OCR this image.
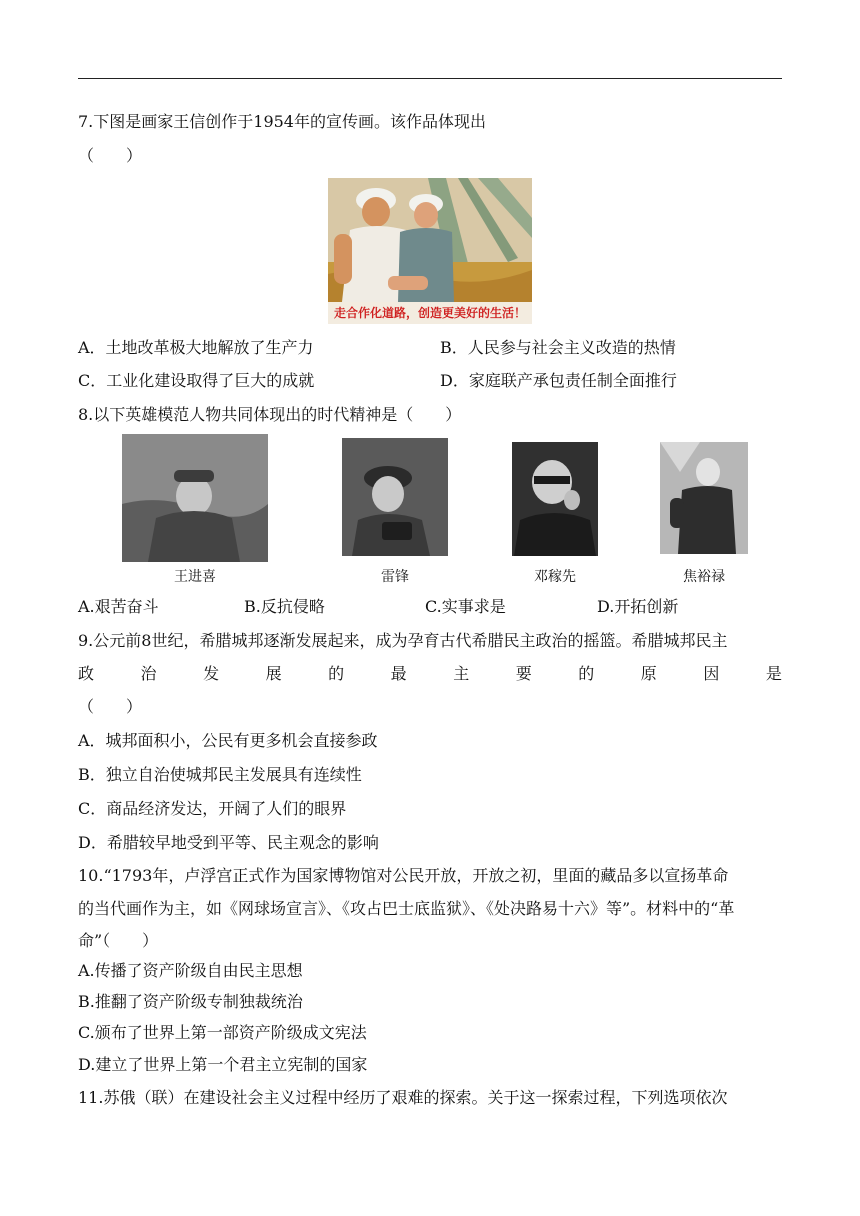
7.下图是画家王信创作于1954年的宣传画。该作品体现出
（　　）
走合作化道路，创造更美好的生活！
A．土地改革极大地解放了生产力	B．人民参与社会主义改造的热情
C．工业化建设取得了巨大的成就	D．家庭联产承包责任制全面推行
8.以下英雄模范人物共同体现出的时代精神是（　　）
王进喜	雷锋	邓稼先	焦裕禄
A.艰苦奋斗	B.反抗侵略	C.实事求是	D.开拓创新
9.公元前8世纪，希腊城邦逐渐发展起来，成为孕育古代希腊民主政治的摇篮。希腊城邦民主
政	治	发	展	的	最	主	要	的	原	因	是
（　　）
A．城邦面积小，公民有更多机会直接参政
B．独立自治使城邦民主发展具有连续性
C．商品经济发达，开阔了人们的眼界
D．希腊较早地受到平等、民主观念的影响
10.“1793年，卢浮宫正式作为国家博物馆对公民开放，开放之初，里面的藏品多以宣扬革命
的当代画作为主，如《网球场宣言》、《攻占巴士底监狱》、《处决路易十六》等”。材料中的“革
命”（　　）
A.传播了资产阶级自由民主思想
B.推翻了资产阶级专制独裁统治
C.颁布了世界上第一部资产阶级成文宪法
D.建立了世界上第一个君主立宪制的国家
11.苏俄（联）在建设社会主义过程中经历了艰难的探索。关于这一探索过程，下列选项依次
